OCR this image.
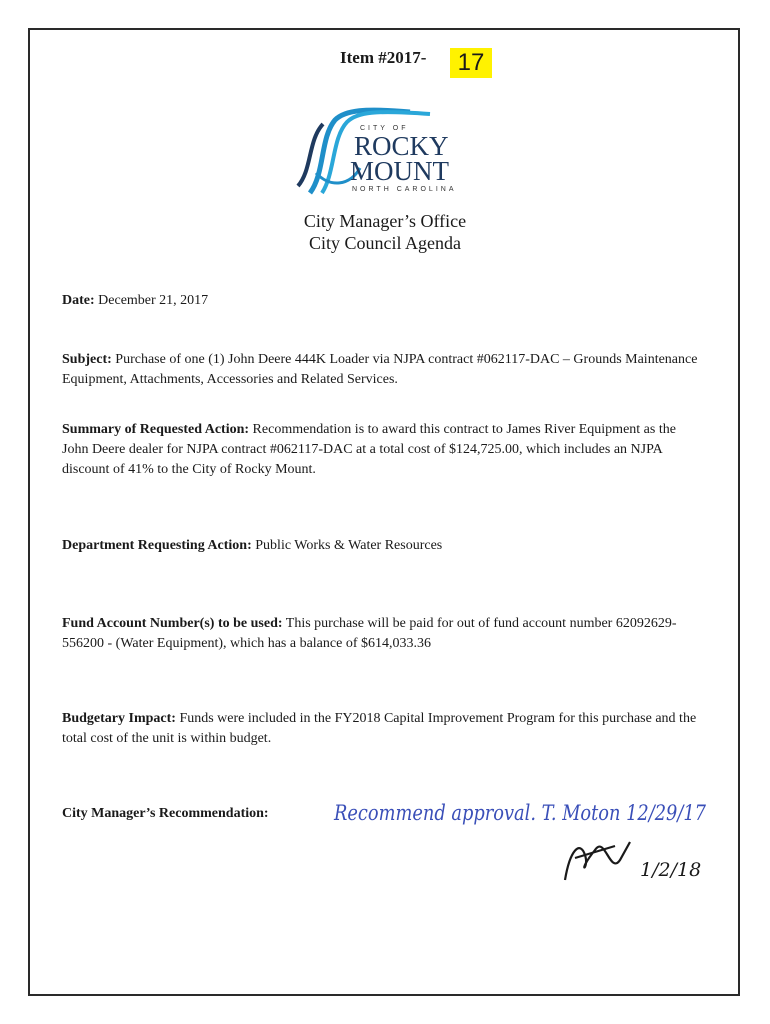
Item #2017-	17
CITY OF
ROCKY
MOUNT
NORTH CAROLINA
City Manager’s Office
City Council Agenda
Date: December 21, 2017
Subject: Purchase of one (1) John Deere 444K Loader via NJPA contract #062117-DAC – Grounds Maintenance Equipment, Attachments, Accessories and Related Services.
Summary of Requested Action: Recommendation is to award this contract to James River Equipment as the John Deere dealer for NJPA contract #062117-DAC at a total cost of $124,725.00, which includes an NJPA discount of 41% to the City of Rocky Mount.
Department Requesting Action: Public Works & Water Resources
Fund Account Number(s) to be used: This purchase will be paid for out of fund account number 62092629-556200 - (Water Equipment), which has a balance of $614,033.36
Budgetary Impact: Funds were included in the FY2018 Capital Improvement Program for this purchase and the total cost of the unit is within budget.
City Manager’s Recommendation:	Recommend approval. T. Moton 12/29/17
1/2/18
